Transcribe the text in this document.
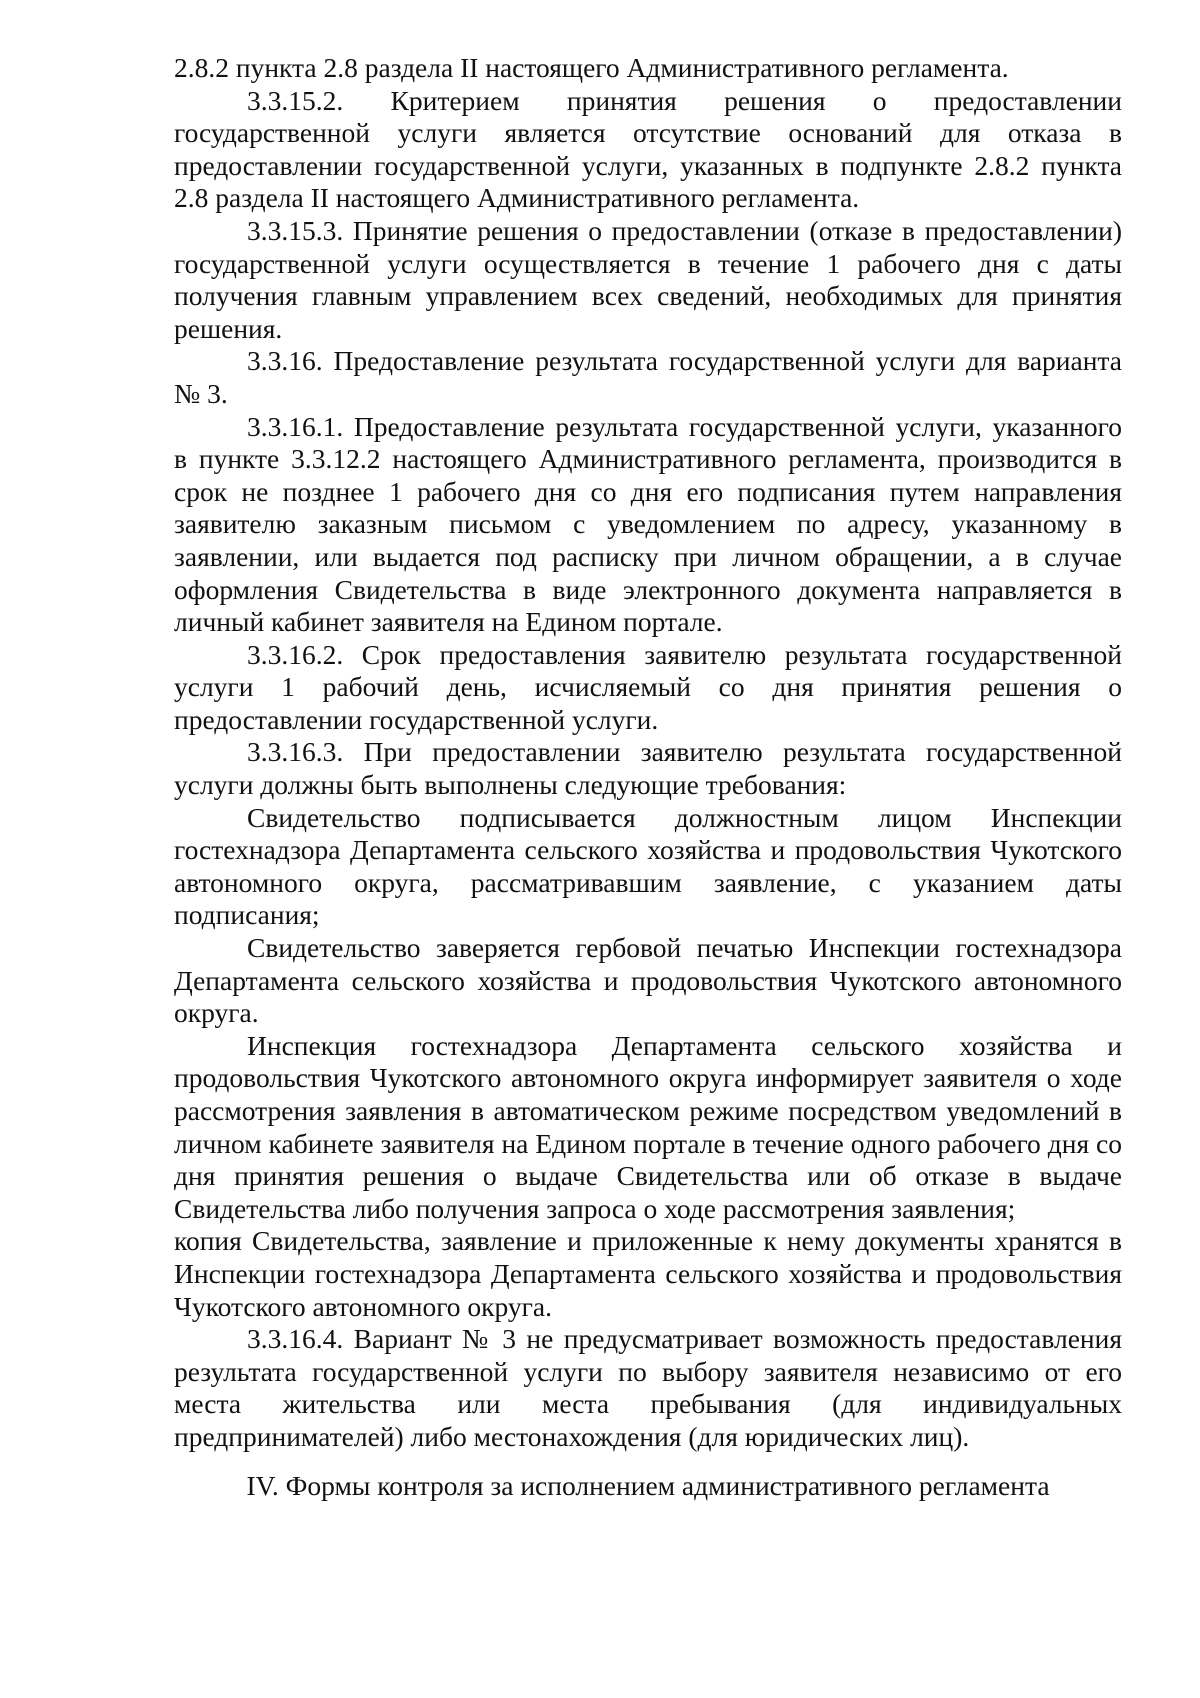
2.8.2 пункта 2.8 раздела II настоящего Административного регламента.

3.3.15.2. Критерием принятия решения о предоставлении государственной услуги является отсутствие оснований для отказа в предоставлении государственной услуги, указанных в подпункте 2.8.2 пункта 2.8 раздела II настоящего Административного регламента.

3.3.15.3. Принятие решения о предоставлении (отказе в предоставлении) государственной услуги осуществляется в течение 1 рабочего дня с даты получения главным управлением всех сведений, необходимых для принятия решения.

3.3.16. Предоставление результата государственной услуги для варианта № 3.

3.3.16.1. Предоставление результата государственной услуги, указанного в пункте 3.3.12.2 настоящего Административного регламента, производится в срок не позднее 1 рабочего дня со дня его подписания путем направления заявителю заказным письмом с уведомлением по адресу, указанному в заявлении, или выдается под расписку при личном обращении, а в случае оформления Свидетельства в виде электронного документа направляется в личный кабинет заявителя на Едином портале.

3.3.16.2. Срок предоставления заявителю результата государственной услуги 1 рабочий день, исчисляемый со дня принятия решения о предоставлении государственной услуги.

3.3.16.3. При предоставлении заявителю результата государственной услуги должны быть выполнены следующие требования:

Свидетельство подписывается должностным лицом Инспекции гостехнадзора Департамента сельского хозяйства и продовольствия Чукотского автономного округа, рассматривавшим заявление, с указанием даты подписания;

Свидетельство заверяется гербовой печатью Инспекции гостехнадзора Департамента сельского хозяйства и продовольствия Чукотского автономного округа.

Инспекция гостехнадзора Департамента сельского хозяйства и продовольствия Чукотского автономного округа информирует заявителя о ходе рассмотрения заявления в автоматическом режиме посредством уведомлений в личном кабинете заявителя на Едином портале в течение одного рабочего дня со дня принятия решения о выдаче Свидетельства или об отказе в выдаче Свидетельства либо получения запроса о ходе рассмотрения заявления;

копия Свидетельства, заявление и приложенные к нему документы хранятся в Инспекции гостехнадзора Департамента сельского хозяйства и продовольствия Чукотского автономного округа.

3.3.16.4. Вариант № 3 не предусматривает возможность предоставления результата государственной услуги по выбору заявителя независимо от его места жительства или места пребывания (для индивидуальных предпринимателей) либо местонахождения (для юридических лиц).

IV. Формы контроля за исполнением административного регламента
